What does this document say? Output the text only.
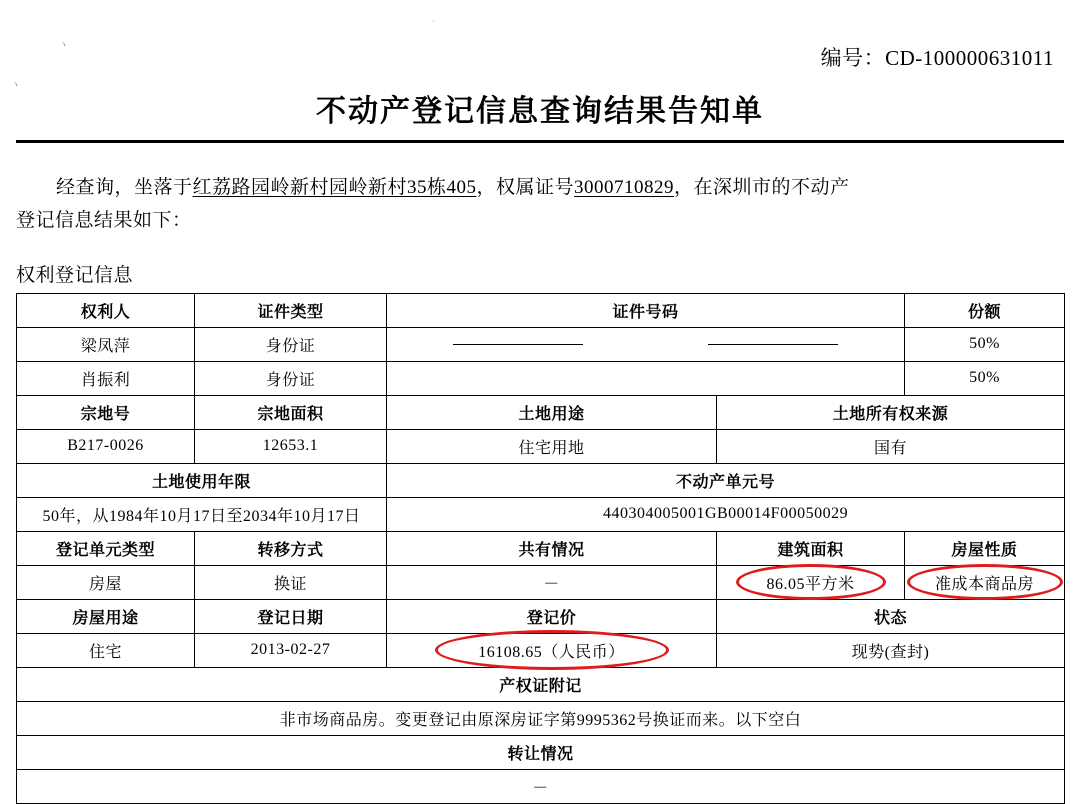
ヽ
ヽ
·
编号：CD-100000631011
不动产登记信息查询结果告知单
经查询，坐落于红荔路园岭新村园岭新村35栋405，权属证号3000710829，在深圳市的不动产
登记信息结果如下：
权利登记信息
权利人	证件类型	证件号码		份额
梁凤萍	身份证			50%
肖振利	身份证			50%
宗地号	宗地面积	土地用途	土地所有权来源	
B217-0026	12653.1	住宅用地	国有	
土地使用年限		不动产单元号		
50年，从1984年10月17日至2034年10月17日		440304005001GB00014F00050029		
登记单元类型	转移方式	共有情况	建筑面积	房屋性质
房屋	换证	－	86.05平方米	准成本商品房
房屋用途	登记日期	登记价	状态	
住宅	2013-02-27	16108.65（人民币）	现势(查封)	
产权证附记				
非市场商品房。变更登记由原深房证字第9995362号换证而来。以下空白				
转让情况				
－				
